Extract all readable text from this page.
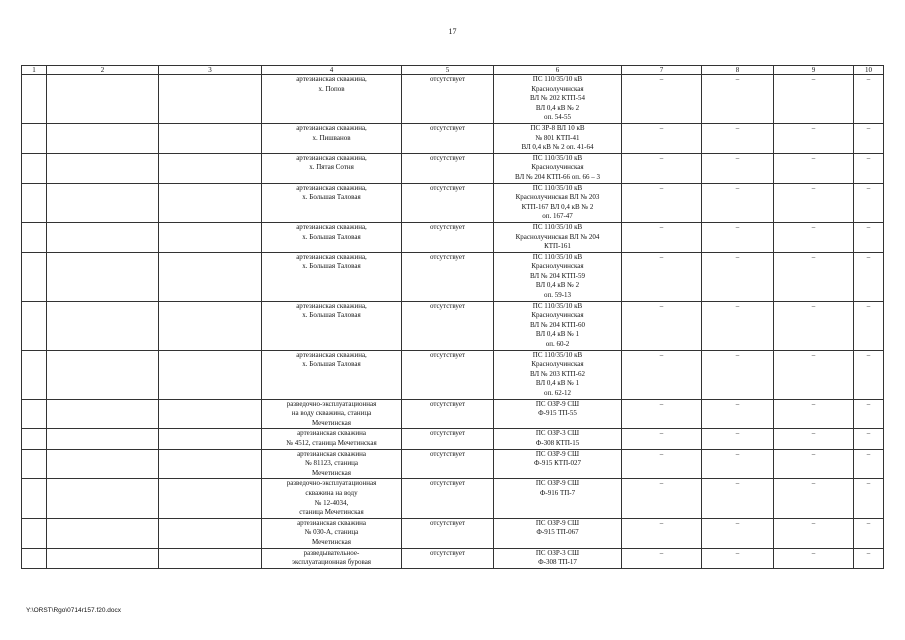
17
1	2	3	4	5	6	7	8	9	10
			артезианская скважина,
х. Попов	отсутствует	ПС 110/35/10 кВ
Краснолучинская
ВЛ № 202 КТП-54
ВЛ 0,4 кВ № 2
оп. 54-55	–	–	–	–
			артезианская скважина,
х. Пишванов	отсутствует	ПС ЗР-8 ВЛ 10 кВ
№ 801 КТП-41
ВЛ 0,4 кВ № 2 оп. 41-64	–	–	–	–
			артезианская скважина,
х. Пятая Сотня	отсутствует	ПС 110/35/10 кВ
Краснолучинская
ВЛ № 204 КТП-66 оп. 66 – 3	–	–	–	–
			артезианская скважина,
х. Большая Таловая	отсутствует	ПС 110/35/10 кВ
Краснолучинская ВЛ № 203
КТП-167 ВЛ 0,4 кВ № 2
оп. 167-47	–	–	–	–
			артезианская скважина,
х. Большая Таловая	отсутствует	ПС 110/35/10 кВ
Краснолучинская ВЛ № 204
КТП-161	–	–	–	–
			артезианская скважина,
х. Большая Таловая	отсутствует	ПС 110/35/10 кВ
Краснолучинская
ВЛ № 204 КТП-59
ВЛ 0,4 кВ № 2
оп. 59-13	–	–	–	–
			артезианская скважина,
х. Большая Таловая	отсутствует	ПС 110/35/10 кВ
Краснолучинская
ВЛ № 204 КТП-60
ВЛ 0,4 кВ № 1
оп. 60-2	–	–	–	–
			артезианская скважина,
х. Большая Таловая	отсутствует	ПС 110/35/10 кВ
Краснолучинская
ВЛ № 203 КТП-62
ВЛ 0,4 кВ № 1
оп. 62-12	–	–	–	–
			разведочно-эксплуатационная
на воду скважина, станица
Мечетинская	отсутствует	ПС ОЗР-9 СШ
Ф-915 ТП-55	–	–	–	–
			артезианская скважина
№ 4512, станица Мечетинская	отсутствует	ПС ОЗР-3 СШ
Ф-308 КТП-15	–	–	–	–
			артезианская скважина
№ 81123, станица
Мечетинская	отсутствует	ПС ОЗР-9 СШ
Ф-915 КТП-027	–	–	–	–
			разведочно-эксплуатационная
скважина на воду
№ 12-4034,
станица Мечетинская	отсутствует	ПС ОЗР-9 СШ
Ф-916 ТП-7	–	–	–	–
			артезианская скважина
№ 030-А, станица
Мечетинская	отсутствует	ПС ОЗР-9 СШ
Ф-915 ТП-067	–	–	–	–
			разведывательное-
эксплуатационная буровая	отсутствует	ПС ОЗР-3 СШ
Ф-308 ТП-17	–	–	–	–
Y:\ORST\Rgo\0714r157.f20.docx
